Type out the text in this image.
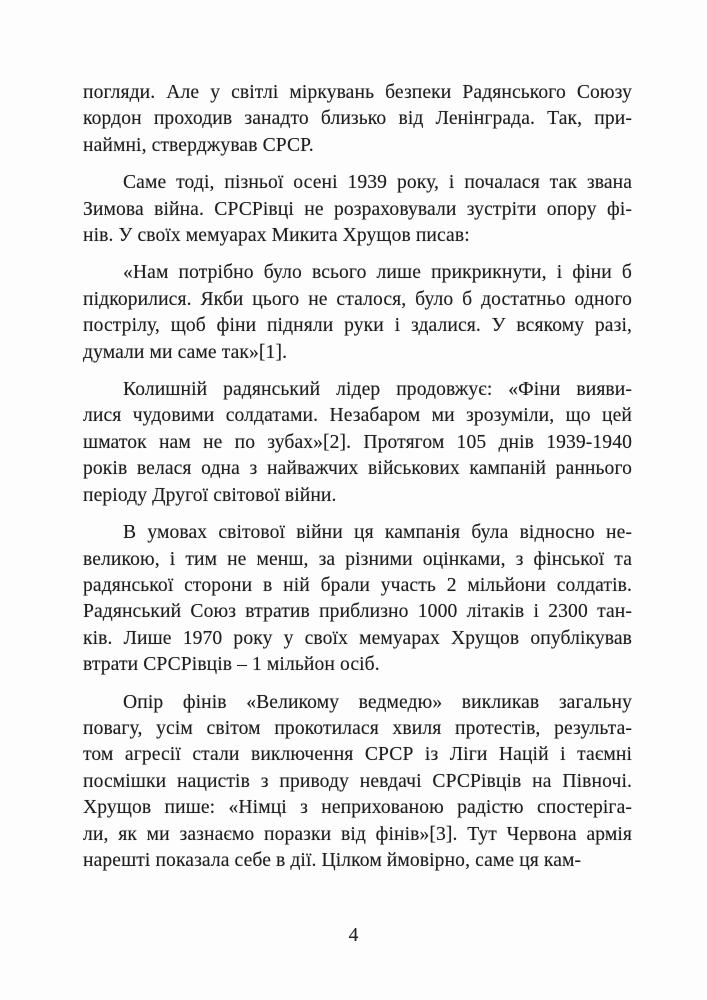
погляди. Але у світлі міркувань безпеки Радянського Союзу
кордон проходив занадто близько від Ленінграда. Так, при-
наймні, стверджував СРСР.
Саме тоді, пізньої осені 1939 року, і почалася так звана
Зимова війна. СРСРівці не розраховували зустріти опору фі-
нів. У своїх мемуарах Микита Хрущов писав:
«Нам потрібно було всього лише прикрикнути, і фіни б
підкорилися. Якби цього не сталося, було б достатньо одного
пострілу, щоб фіни підняли руки і здалися. У всякому разі,
думали ми саме так»[1].
Колишній радянський лідер продовжує: «Фіни вияви-
лися чудовими солдатами. Незабаром ми зрозуміли, що цей
шматок нам не по зубах»[2]. Протягом 105 днів 1939-1940
років велася одна з найважчих військових кампаній раннього
періоду Другої світової війни.
В умовах світової війни ця кампанія була відносно не-
великою, і тим не менш, за різними оцінками, з фінської та
радянської сторони в ній брали участь 2 мільйони солдатів.
Радянський Союз втратив приблизно 1000 літаків і 2300 тан-
ків. Лише 1970 року у своїх мемуарах Хрущов опублікував
втрати СРСРівців – 1 мільйон осіб.
Опір фінів «Великому ведмедю» викликав загальну
повагу, усім світом прокотилася хвиля протестів, результа-
том агресії стали виключення СРСР із Ліги Націй і таємні
посмішки нацистів з приводу невдачі СРСРівців на Півночі.
Хрущов пише: «Німці з неприхованою радістю спостеріга-
ли, як ми зазнаємо поразки від фінів»[3]. Тут Червона армія
нарешті показала себе в дії. Цілком ймовірно, саме ця кам-
4
